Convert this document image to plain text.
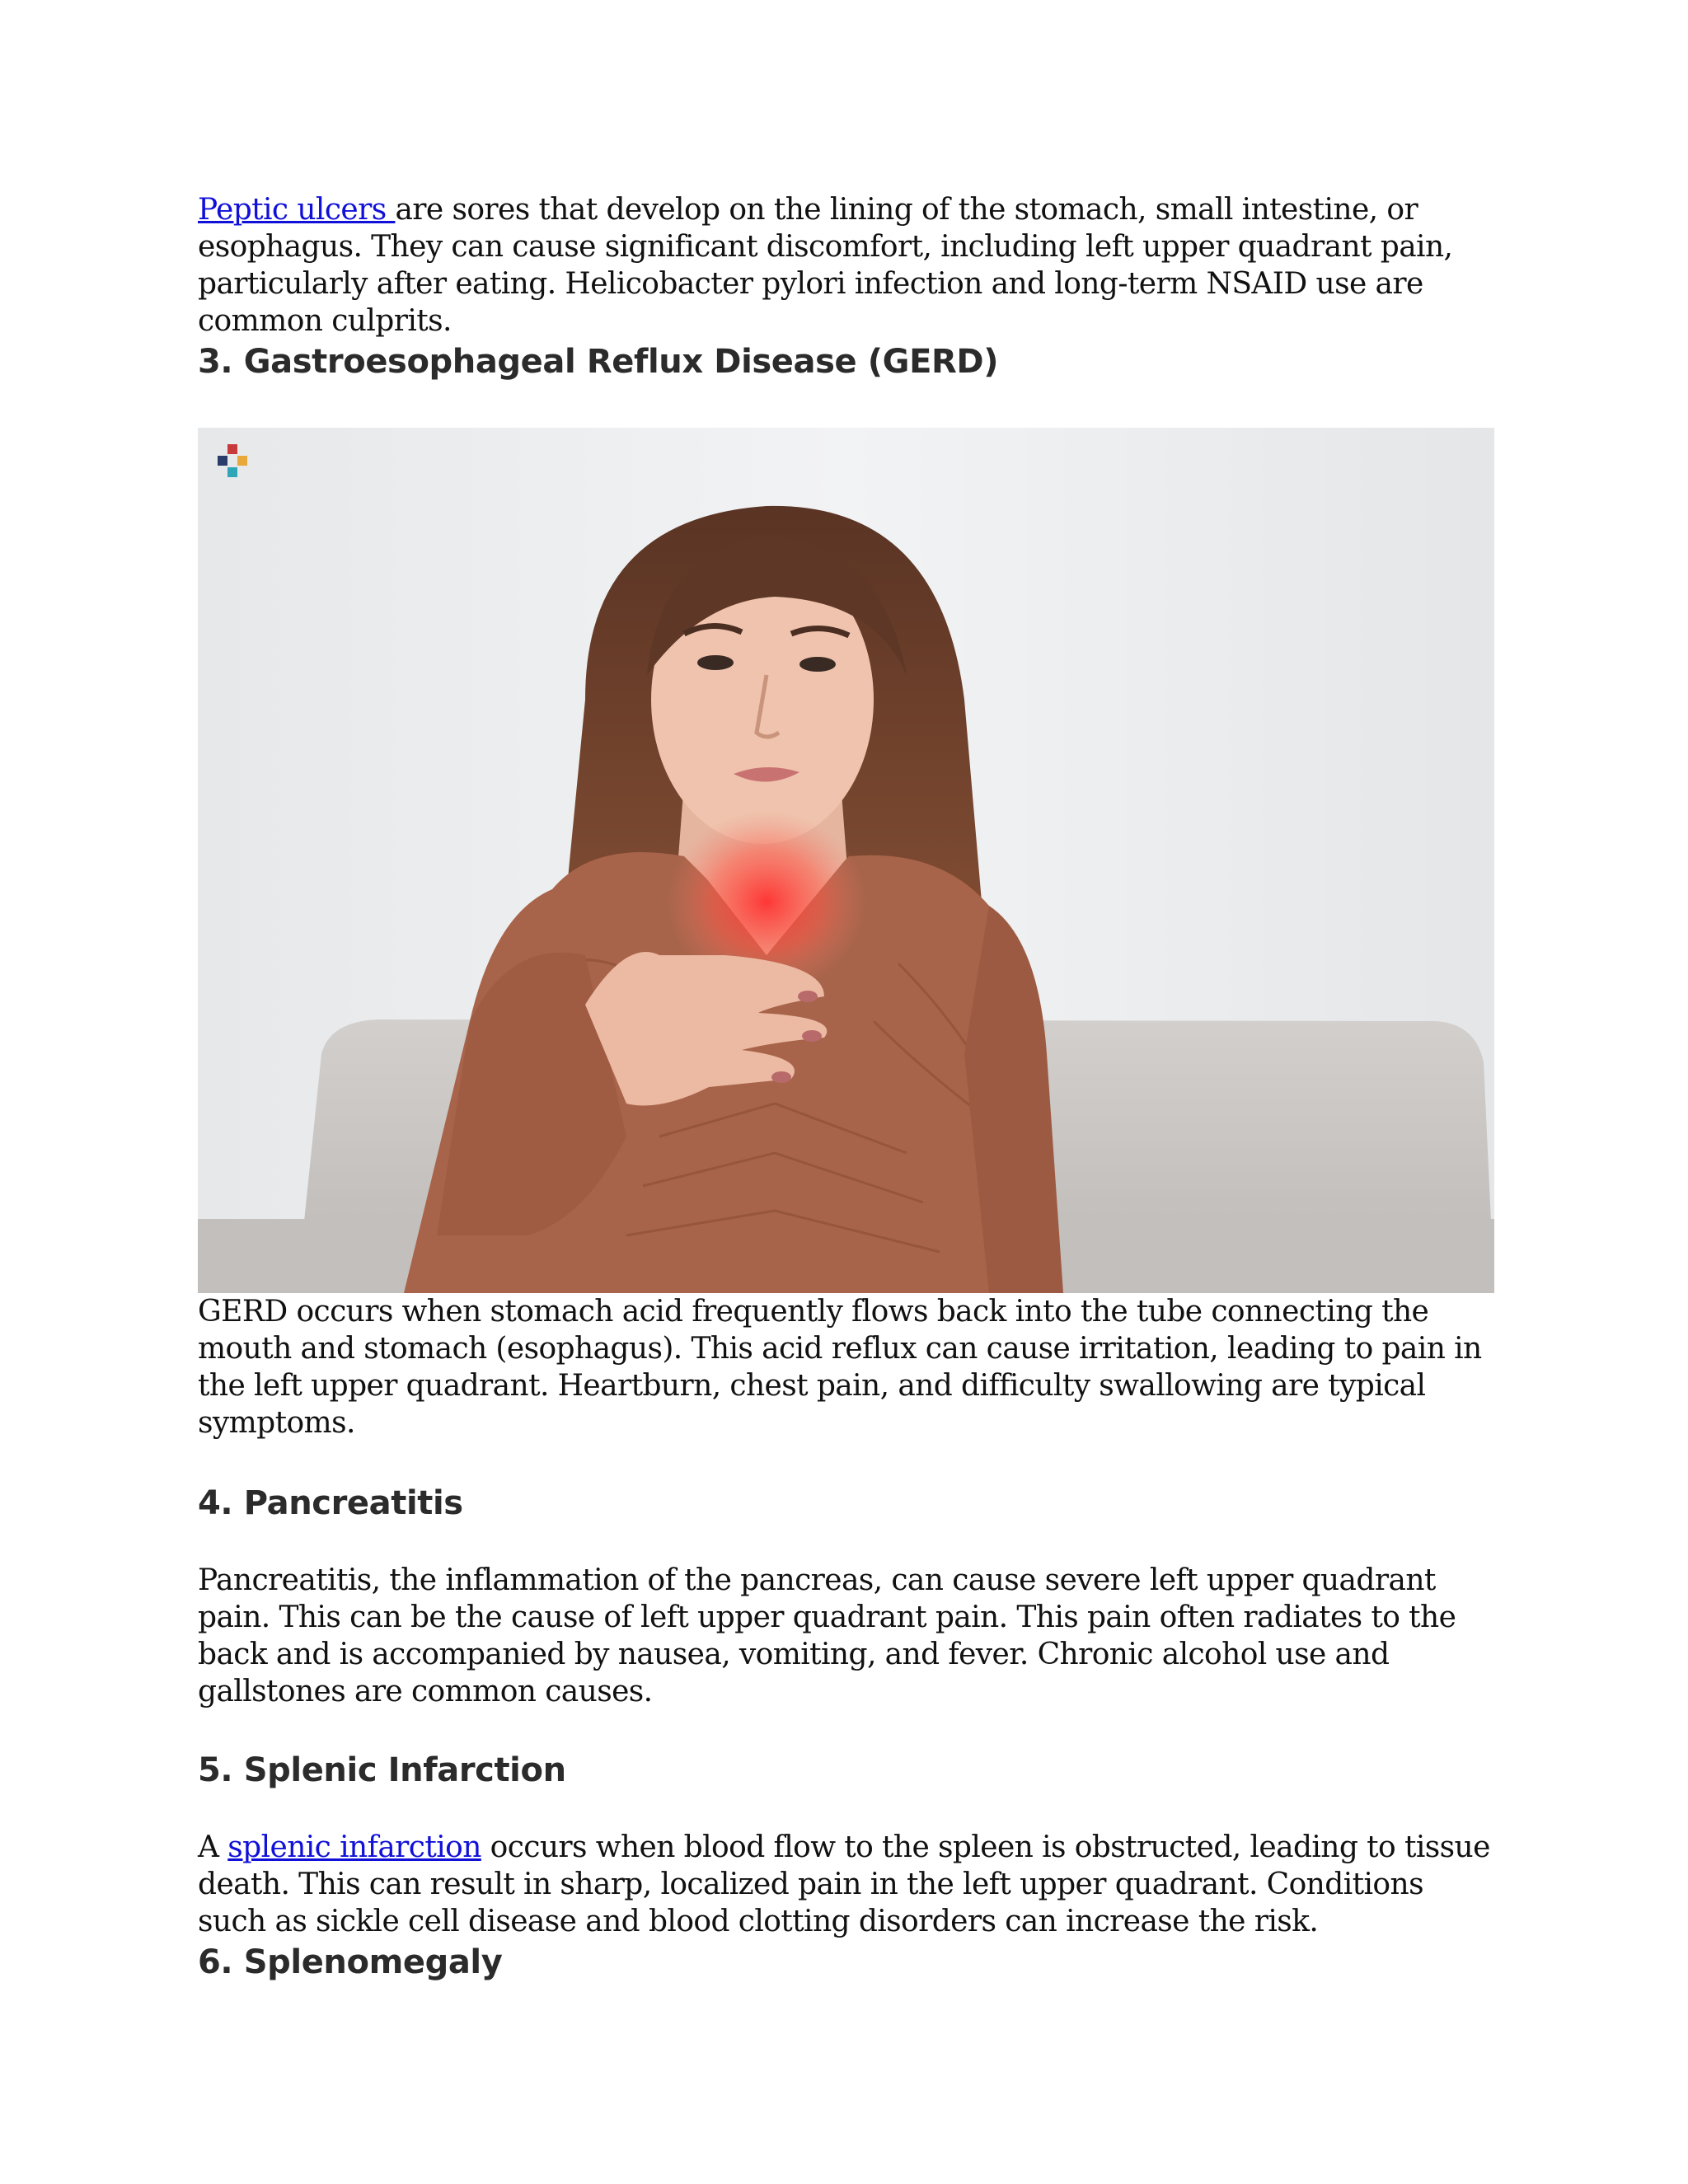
Peptic ulcers are sores that develop on the lining of the stomach, small intestine, or esophagus. They can cause significant discomfort, including left upper quadrant pain, particularly after eating. Helicobacter pylori infection and long-term NSAID use are common culprits.

3. Gastroesophageal Reflux Disease (GERD)

GERD occurs when stomach acid frequently flows back into the tube connecting the mouth and stomach (esophagus). This acid reflux can cause irritation, leading to pain in the left upper quadrant. Heartburn, chest pain, and difficulty swallowing are typical symptoms.

4. Pancreatitis

Pancreatitis, the inflammation of the pancreas, can cause severe left upper quadrant pain. This can be the cause of left upper quadrant pain. This pain often radiates to the back and is accompanied by nausea, vomiting, and fever. Chronic alcohol use and gallstones are common causes.

5. Splenic Infarction

A splenic infarction occurs when blood flow to the spleen is obstructed, leading to tissue death. This can result in sharp, localized pain in the left upper quadrant. Conditions such as sickle cell disease and blood clotting disorders can increase the risk.

6. Splenomegaly
